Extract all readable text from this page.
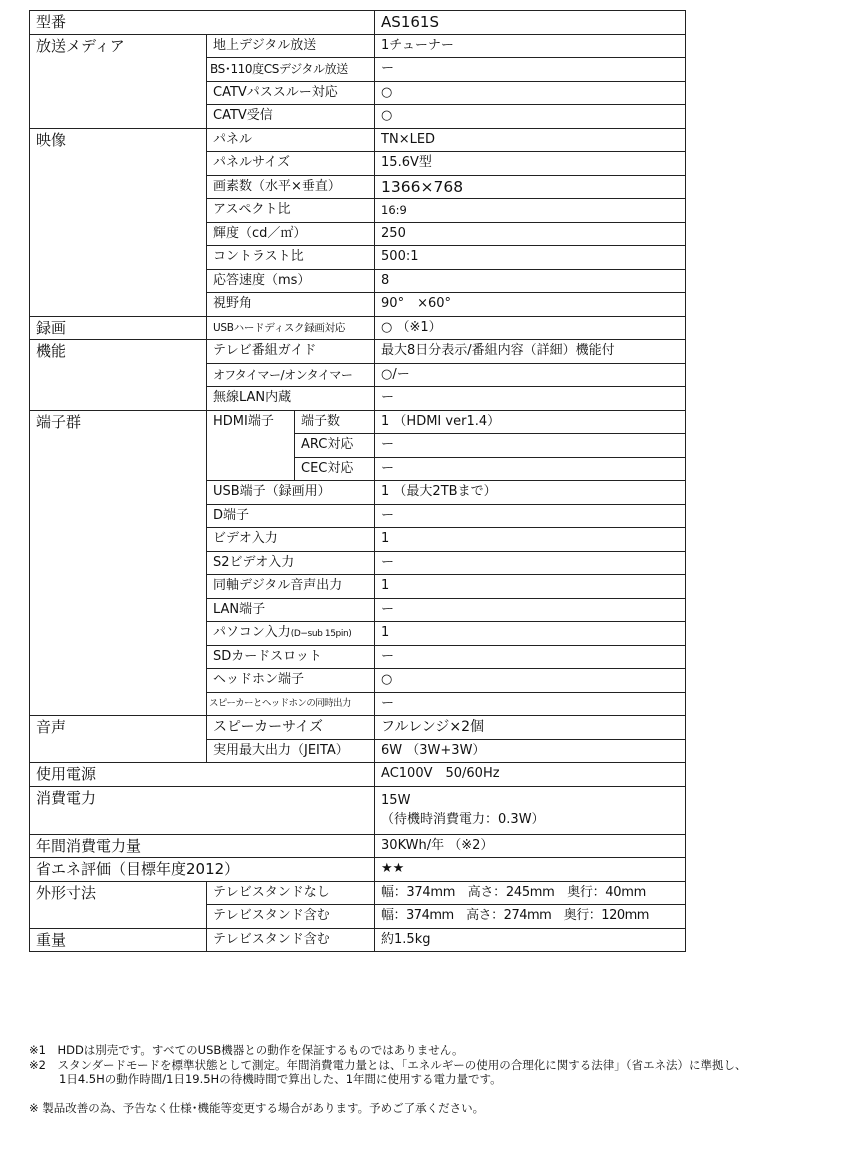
型番			AS161S
放送メディア	地上デジタル放送		1チューナー
	BS･110度CSデジタル放送		ー
	CATVパススルー対応		○
	CATV受信		○
映像	パネル		TN×LED
	パネルサイズ		15.6V型
	画素数（水平×垂直）		1366×768
	アスペクト比		16:9
	輝度（cd／㎡）		250
	コントラスト比		500:1
	応答速度（ms）		8
	視野角		90°　×60°
録画	USBハードディスク録画対応		○ （※1）
機能	テレビ番組ガイド		最大8日分表示/番組内容（詳細）機能付
	オフタイマー/オンタイマー		○/ー
	無線LAN内蔵		ー
端子群	HDMI端子	端子数	1 （HDMI ver1.4）
		ARC対応	ー
		CEC対応	ー
	USB端子（録画用）		1 （最大2TBまで）
	D端子		ー
	ビデオ入力		1
	S2ビデオ入力		ー
	同軸デジタル音声出力		1
	LAN端子		ー
	パソコン入力(D−sub 15pin)		1
	SDカードスロット		ー
	ヘッドホン端子		○
	スピーカーとヘッドホンの同時出力		ー
音声	スピーカーサイズ		フルレンジ×2個
	実用最大出力（JEITA）		6W （3W+3W）
使用電源			AC100V　50/60Hz
消費電力			15W
（待機時消費電力：0.3W）

年間消費電力量			30KWh/年 （※2）
省エネ評価（目標年度2012）			★★
外形寸法	テレビスタンドなし		幅：374mm　高さ：245mm　奥行：40mm
	テレビスタンド含む		幅：374mm　高さ：274mm　奥行：120mm
重量	テレビスタンド含む		約1.5kg
※1　HDDは別売です。すべてのUSB機器との動作を保証するものではありません。
※2　スタンダードモードを標準状態として測定。年間消費電力量とは、「エネルギーの使用の合理化に関する法律」（省エネ法）に準拠し、
1日4.5Hの動作時間/1日19.5Hの待機時間で算出した、1年間に使用する電力量です。
※ 製品改善の為、予告なく仕様･機能等変更する場合があります。予めご了承ください。
